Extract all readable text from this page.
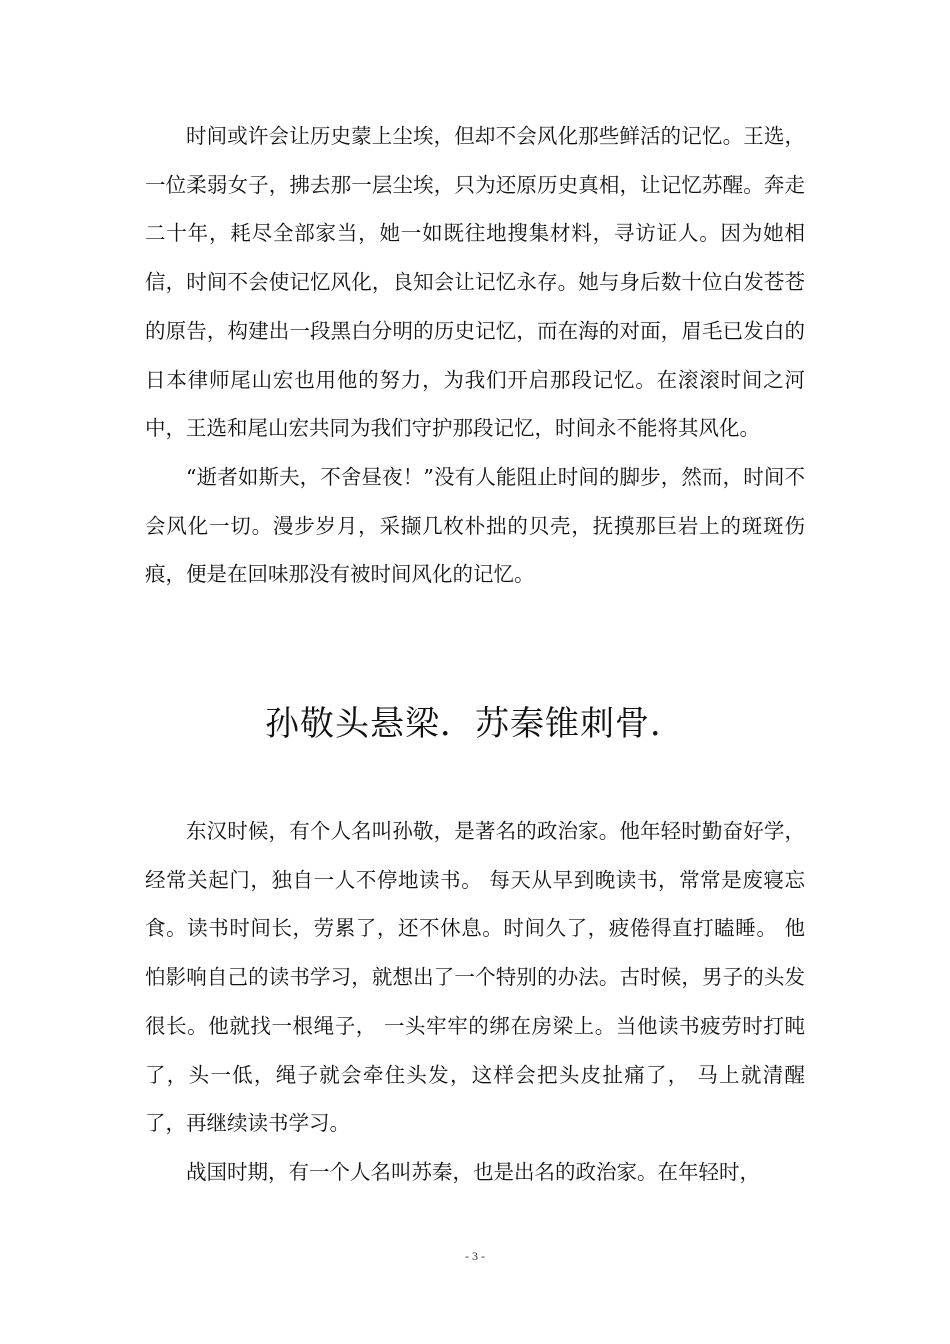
时间或许会让历史蒙上尘埃，但却不会风化那些鲜活的记忆。王选，一位柔弱女子，拂去那一层尘埃，只为还原历史真相，让记忆苏醒。奔走二十年，耗尽全部家当，她一如既往地搜集材料，寻访证人。因为她相信，时间不会使记忆风化，良知会让记忆永存。她与身后数十位白发苍苍的原告，构建出一段黑白分明的历史记忆，而在海的对面，眉毛已发白的日本律师尾山宏也用他的努力，为我们开启那段记忆。在滚滚时间之河中，王选和尾山宏共同为我们守护那段记忆，时间永不能将其风化。

“逝者如斯夫，不舍昼夜！”没有人能阻止时间的脚步，然而，时间不会风化一切。漫步岁月，采撷几枚朴拙的贝壳，抚摸那巨岩上的斑斑伤痕，便是在回味那没有被时间风化的记忆。

孙敬头悬梁．苏秦锥刺骨．

东汉时候，有个人名叫孙敬，是著名的政治家。他年轻时勤奋好学，经常关起门，独自一人不停地读书。 每天从早到晚读书，常常是废寝忘食。读书时间长，劳累了，还不休息。时间久了，疲倦得直打瞌睡。 他怕影响自己的读书学习，就想出了一个特别的办法。古时候，男子的头发很长。他就找一根绳子， 一头牢牢的绑在房梁上。当他读书疲劳时打盹了，头一低，绳子就会牵住头发，这样会把头皮扯痛了， 马上就清醒了，再继续读书学习。

战国时期，有一个人名叫苏秦，也是出名的政治家。在年轻时，

- 3 -
